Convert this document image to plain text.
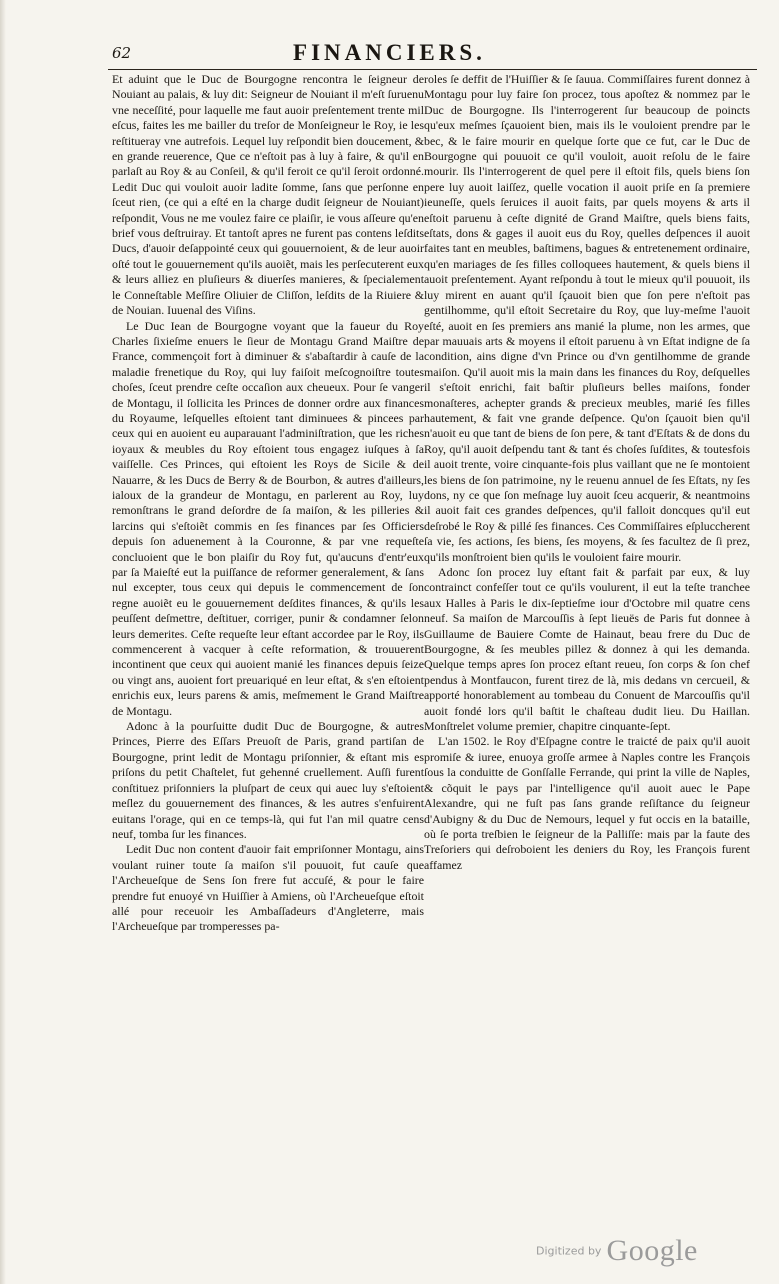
62	FINANCIERS.

Et aduint que le Duc de Bourgogne rencontra le ſeigneur de Nouiant au palais, & luy dit: Seigneur de Nouiant il m'eſt ſuruenu vne neceſſité, pour laquelle me faut auoir preſentement trente mil eſcus, faites les me bailler du treſor de Monſeigneur le Roy, ie les reſtitueray vne autrefois. Lequel luy reſpondit bien doucement, & en grande reuerence, Que ce n'eſtoit pas à luy à faire, & qu'il en parlaſt au Roy & au Conſeil, & qu'il feroit ce qu'il ſeroit ordonné. Ledit Duc qui vouloit auoir ladite ſomme, ſans que perſonne en ſceut rien, (ce qui a eſté en la charge dudit ſeigneur de Nouiant) reſpondit, Vous ne me voulez faire ce plaiſir, ie vous aſſeure qu'en brief vous deſtruiray. Et tantoſt apres ne furent pas contens leſdits Ducs, d'auoir deſappointé ceux qui gouuernoient, & de leur auoir oſté tout le gouuernement qu'ils auoiẽt, mais les perſecuterent eux & leurs alliez en pluſieurs & diuerſes manieres, & ſpecialement le Conneſtable Meſſire Oliuier de Cliſſon, leſdits de la Riuiere & de Nouian. Iuuenal des Viſins.

Le Duc Iean de Bourgogne voyant que la faueur du Roy Charles ſixieſme enuers le ſieur de Montagu Grand Maiſtre de France, commençoit fort à diminuer & s'abaſtardir à cauſe de la maladie frenetique du Roy, qui luy faiſoit meſcognoiſtre toutes choſes, ſceut prendre ceſte occaſion aux cheueux. Pour ſe vanger de Montagu, il ſollicita les Princes de donner ordre aux finances du Royaume, leſquelles eſtoient tant diminuees & pincees par ceux qui en auoient eu auparauant l'adminiſtration, que les riches ioyaux & meubles du Roy eſtoient tous engagez iuſques à ſa vaiſſelle. Ces Princes, qui eſtoient les Roys de Sicile & de Nauarre, & les Ducs de Berry & de Bourbon, & autres d'ailleurs, ialoux de la grandeur de Montagu, en parlerent au Roy, luy remonſtrans le grand deſordre de ſa maiſon, & les pilleries & larcins qui s'eſtoiẽt commis en ſes finances par ſes Officiers depuis ſon aduenement à la Couronne, & par vne requeſte concluoient que le bon plaiſir du Roy fut, qu'aucuns d'entr'eux par ſa Maieſté eut la puiſſance de reformer generalement, & ſans nul excepter, tous ceux qui depuis le commencement de ſon regne auoiẽt eu le gouuernement deſdites finances, & qu'ils les peuſſent deſmettre, deſtituer, corriger, punir & condamner ſelon leurs demerites. Ceſte requeſte leur eſtant accordee par le Roy, ils commencerent à vacquer à ceſte reformation, & trouuerent incontinent que ceux qui auoient manié les finances depuis ſeize ou vingt ans, auoient fort preuariqué en leur eſtat, & s'en eſtoient enrichis eux, leurs parens & amis, meſmement le Grand Maiſtre de Montagu.

Adonc à la pourſuitte dudit Duc de Bourgogne, & autres Princes, Pierre des Eſſars Preuoſt de Paris, grand partiſan de Bourgogne, print ledit de Montagu priſonnier, & eſtant mis es priſons du petit Chaſtelet, fut gehenné cruellement. Auſſi furent conſtituez priſonniers la pluſpart de ceux qui auec luy s'eſtoient meſlez du gouuernement des finances, & les autres s'enfuirent euitans l'orage, qui en ce temps-là, qui fut l'an mil quatre cens neuf, tomba ſur les finances.

Ledit Duc non content d'auoir fait empriſonner Montagu, ains voulant ruiner toute ſa maiſon s'il pouuoit, fut cauſe que l'Archeueſque de Sens ſon frere fut accuſé, & pour le faire prendre fut enuoyé vn Huiſſier à Amiens, où l'Archeueſque eſtoit allé pour receuoir les Ambaſſadeurs d'Angleterre, mais l'Archeueſque par tromperesses pa-

roles ſe deffit de l'Huiſſier & ſe ſauua. Commiſſaires furent donnez à Montagu pour luy faire ſon procez, tous apoſtez & nommez par le Duc de Bourgogne. Ils l'interrogerent ſur beaucoup de poincts qu'eux meſmes ſçauoient bien, mais ils le vouloient prendre par le bec, & le faire mourir en quelque ſorte que ce fut, car le Duc de Bourgogne qui pouuoit ce qu'il vouloit, auoit reſolu de le faire mourir. Ils l'interrogerent de quel pere il eſtoit fils, quels biens ſon pere luy auoit laiſſez, quelle vocation il auoit priſe en ſa premiere ieuneſſe, quels ſeruices il auoit faits, par quels moyens & arts il eſtoit paruenu à ceſte dignité de Grand Maiſtre, quels biens faits, eſtats, dons & gages il auoit eus du Roy, quelles deſpences il auoit faites tant en meubles, baſtimens, bagues & entretenement ordinaire, qu'en mariages de ſes filles colloquees hautement, & quels biens il auoit preſentement. Ayant reſpondu à tout le mieux qu'il pouuoit, ils luy mirent en auant qu'il ſçauoit bien que ſon pere n'eſtoit pas gentilhomme, qu'il eſtoit Secretaire du Roy, que luy-meſme l'auoit eſté, auoit en ſes premiers ans manié la plume, non les armes, que par mauuais arts & moyens il eſtoit paruenu à vn Eſtat indigne de ſa condition, ains digne d'vn Prince ou d'vn gentilhomme de grande maiſon. Qu'il auoit mis la main dans les finances du Roy, deſquelles il s'eſtoit enrichi, fait baſtir pluſieurs belles maiſons, fonder monaſteres, achepter grands & precieux meubles, marié ſes filles hautement, & fait vne grande deſpence. Qu'on ſçauoit bien qu'il n'auoit eu que tant de biens de ſon pere, & tant d'Eſtats & de dons du Roy, qu'il auoit deſpendu tant & tant és choſes ſuſdites, & toutesfois il auoit trente, voire cinquante-fois plus vaillant que ne ſe montoient les biens de ſon patrimoine, ny le reuenu annuel de ſes Eſtats, ny ſes dons, ny ce que ſon meſnage luy auoit ſceu acquerir, & neantmoins il auoit fait ces grandes deſpences, qu'il falloit doncques qu'il eut deſrobé le Roy & pillé ſes finances. Ces Commiſſaires eſpluccherent ſa vie, ſes actions, ſes biens, ſes moyens, & ſes facultez de ſi prez, qu'ils monſtroient bien qu'ils le vouloient faire mourir.

Adonc ſon procez luy eſtant fait & parfait par eux, & luy contrainct confeſſer tout ce qu'ils voulurent, il eut la teſte tranchee aux Halles à Paris le dix-ſeptieſme iour d'Octobre mil quatre cens neuf. Sa maiſon de Marcouſſis à ſept lieuës de Paris fut donnee à Guillaume de Bauiere Comte de Hainaut, beau frere du Duc de Bourgogne, & ſes meubles pillez & donnez à qui les demanda. Quelque temps apres ſon procez eſtant reueu, ſon corps & ſon chef pendus à Montfaucon, furent tirez de là, mis dedans vn cercueil, & apporté honorablement au tombeau du Conuent de Marcouſſis qu'il auoit fondé lors qu'il baſtit le chaſteau dudit lieu. Du Haillan. Monſtrelet volume premier, chapitre cinquante-ſept.

L'an 1502. le Roy d'Eſpagne contre le traicté de paix qu'il auoit promiſe & iuree, enuoya groſſe armee à Naples contre les François ſous la conduitte de Gonſſalle Ferrande, qui print la ville de Naples, & cõquit le pays par l'intelligence qu'il auoit auec le Pape Alexandre, qui ne fuſt pas ſans grande reſiſtance du ſeigneur d'Aubigny & du Duc de Nemours, lequel y fut occis en la bataille, où ſe porta treſbien le ſeigneur de la Palliſſe: mais par la faute des Treſoriers qui deſroboient les deniers du Roy, les François furent affamez

Digitized by Google
